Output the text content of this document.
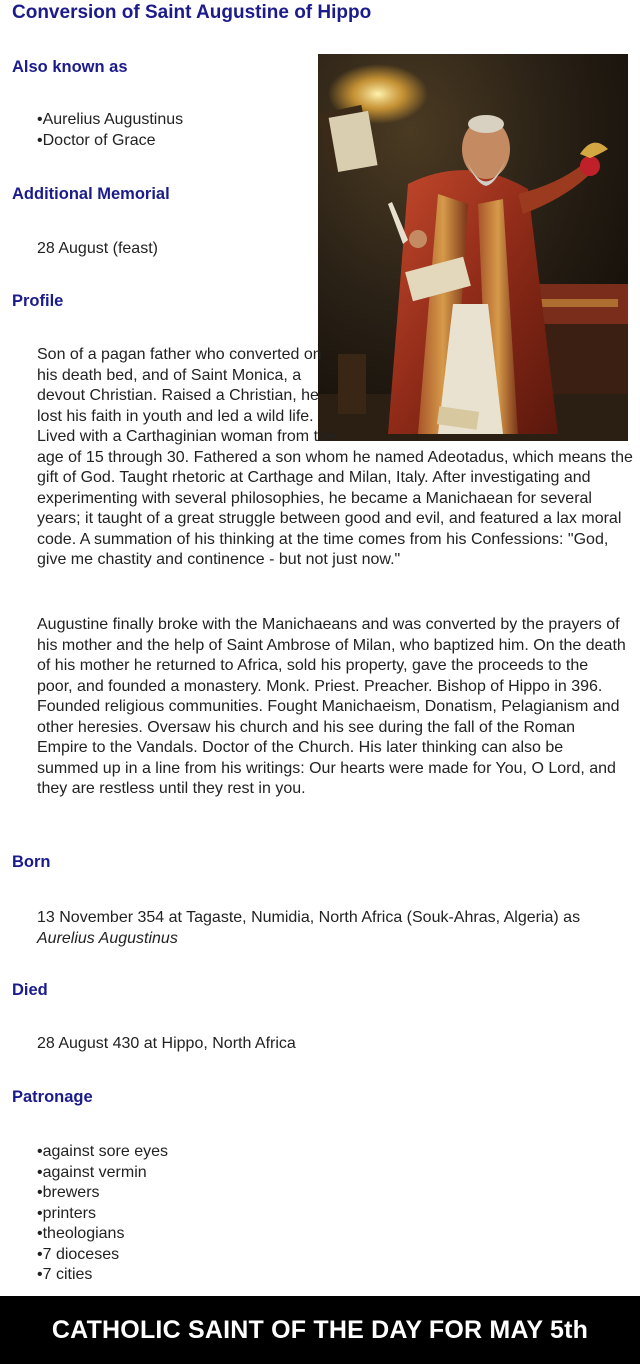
Conversion of Saint Augustine of Hippo
Also known as
• Aurelius Augustinus
• Doctor of Grace
Additional Memorial
28 August (feast)
Profile

Son of a pagan father who converted on his death bed, and of Saint Monica, a devout Christian. Raised a Christian, he lost his faith in youth and led a wild life. Lived with a Carthaginian woman from the age of 15 through 30. Fathered a son whom he named Adeotadus, which means the gift of God. Taught rhetoric at Carthage and Milan, Italy. After investigating and experimenting with several philosophies, he became a Manichaean for several years; it taught of a great struggle between good and evil, and featured a lax moral code. A summation of his thinking at the time comes from his Confessions: "God, give me chastity and continence - but not just now."

Augustine finally broke with the Manichaeans and was converted by the prayers of his mother and the help of Saint Ambrose of Milan, who baptized him. On the death of his mother he returned to Africa, sold his property, gave the proceeds to the poor, and founded a monastery. Monk. Priest. Preacher. Bishop of Hippo in 396. Founded religious communities. Fought Manichaeism, Donatism, Pelagianism and other heresies. Oversaw his church and his see during the fall of the Roman Empire to the Vandals. Doctor of the Church. His later thinking can also be summed up in a line from his writings: Our hearts were made for You, O Lord, and they are restless until they rest in you.

Born
13 November 354 at Tagaste, Numidia, North Africa (Souk-Ahras, Algeria) as
Aurelius Augustinus
Died
28 August 430 at Hippo, North Africa
Patronage
• against sore eyes
• against vermin
• brewers
• printers
• theologians
• 7 dioceses
• 7 cities
CATHOLIC SAINT OF THE DAY FOR MAY 5th
